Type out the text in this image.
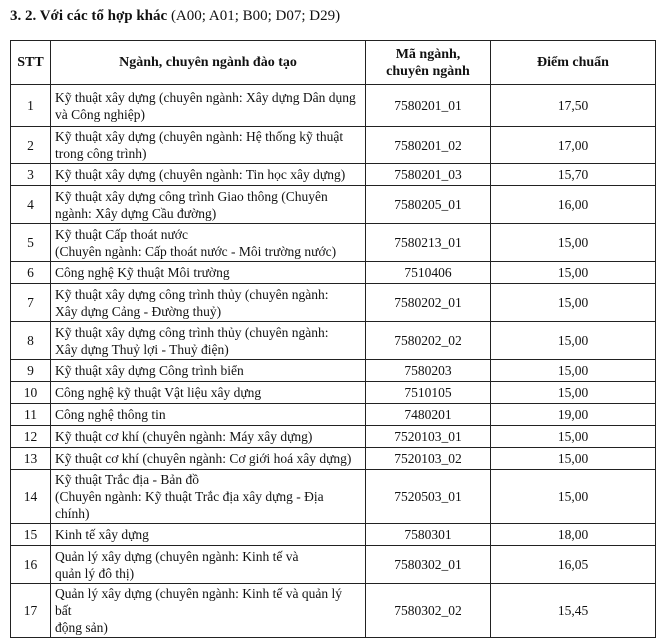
3. 2. Với các tổ hợp khác (A00; A01; B00; D07; D29)
STT	Ngành, chuyên ngành đào tạo	Mã ngành,
chuyên ngành	Điểm chuẩn
1	Kỹ thuật xây dựng (chuyên ngành: Xây dựng Dân dụng
và Công nghiệp)	7580201_01	17,50
2	Kỹ thuật xây dựng (chuyên ngành: Hệ thống kỹ thuật
trong công trình)	7580201_02	17,00
3	Kỹ thuật xây dựng (chuyên ngành: Tin học xây dựng)	7580201_03	15,70
4	Kỹ thuật xây dựng công trình Giao thông (Chuyên
ngành: Xây dựng Cầu đường)	7580205_01	16,00
5	Kỹ thuật Cấp thoát nước
(Chuyên ngành: Cấp thoát nước - Môi trường nước)	7580213_01	15,00
6	Công nghệ Kỹ thuật Môi trường	7510406	15,00
7	Kỹ thuật xây dựng công trình thủy (chuyên ngành:
Xây dựng Cảng - Đường thuỷ)	7580202_01	15,00
8	Kỹ thuật xây dựng công trình thủy (chuyên ngành:
Xây dựng Thuỷ lợi - Thuỷ điện)	7580202_02	15,00
9	Kỹ thuật xây dựng Công trình biển	7580203	15,00
10	Công nghệ kỹ thuật Vật liệu xây dựng	7510105	15,00
11	Công nghệ thông tin	7480201	19,00
12	Kỹ thuật cơ khí (chuyên ngành: Máy xây dựng)	7520103_01	15,00
13	Kỹ thuật cơ khí (chuyên ngành: Cơ giới hoá xây dựng)	7520103_02	15,00
14	Kỹ thuật Trắc địa - Bản đồ
(Chuyên ngành: Kỹ thuật Trắc địa xây dựng - Địa chính)	7520503_01	15,00
15	Kinh tế xây dựng	7580301	18,00
16	Quản lý xây dựng (chuyên ngành: Kinh tế và
quản lý đô thị)	7580302_01	16,05
17	Quản lý xây dựng (chuyên ngành: Kinh tế và quản lý bất
động sản)	7580302_02	15,45
